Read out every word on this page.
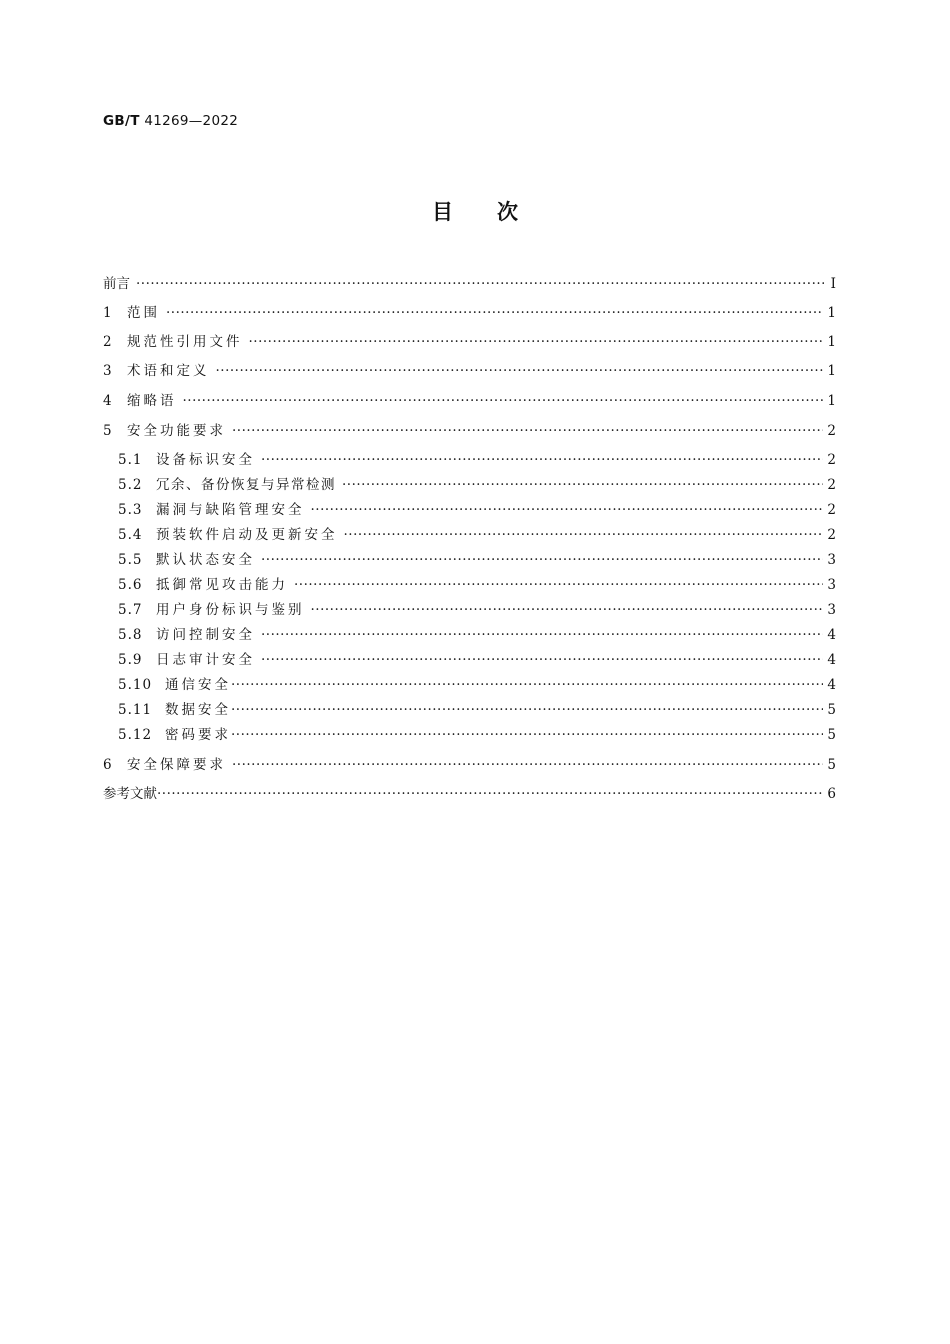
GB/T 41269—2022
目次
前言 ·····	Ⅰ
1	范围 ·····	1
2	规范性引用文件 ·····	1
3	术语和定义 ·····	1
4	缩略语 ·····	1
5	安全功能要求 ·····	2
5.1	设备标识安全 ·····	2
5.2	冗余、备份恢复与异常检测 ·····	2
5.3	漏洞与缺陷管理安全 ·····	2
5.4	预装软件启动及更新安全 ·····	2
5.5	默认状态安全 ·····	3
5.6	抵御常见攻击能力 ·····	3
5.7	用户身份标识与鉴别 ·····	3
5.8	访问控制安全 ·····	4
5.9	日志审计安全 ·····	4
5.10 通信安全 ·····	4
5.11 数据安全 ·····	5
5.12 密码要求 ·····	5
6	安全保障要求 ·····	5
参考文献 ·····	6
